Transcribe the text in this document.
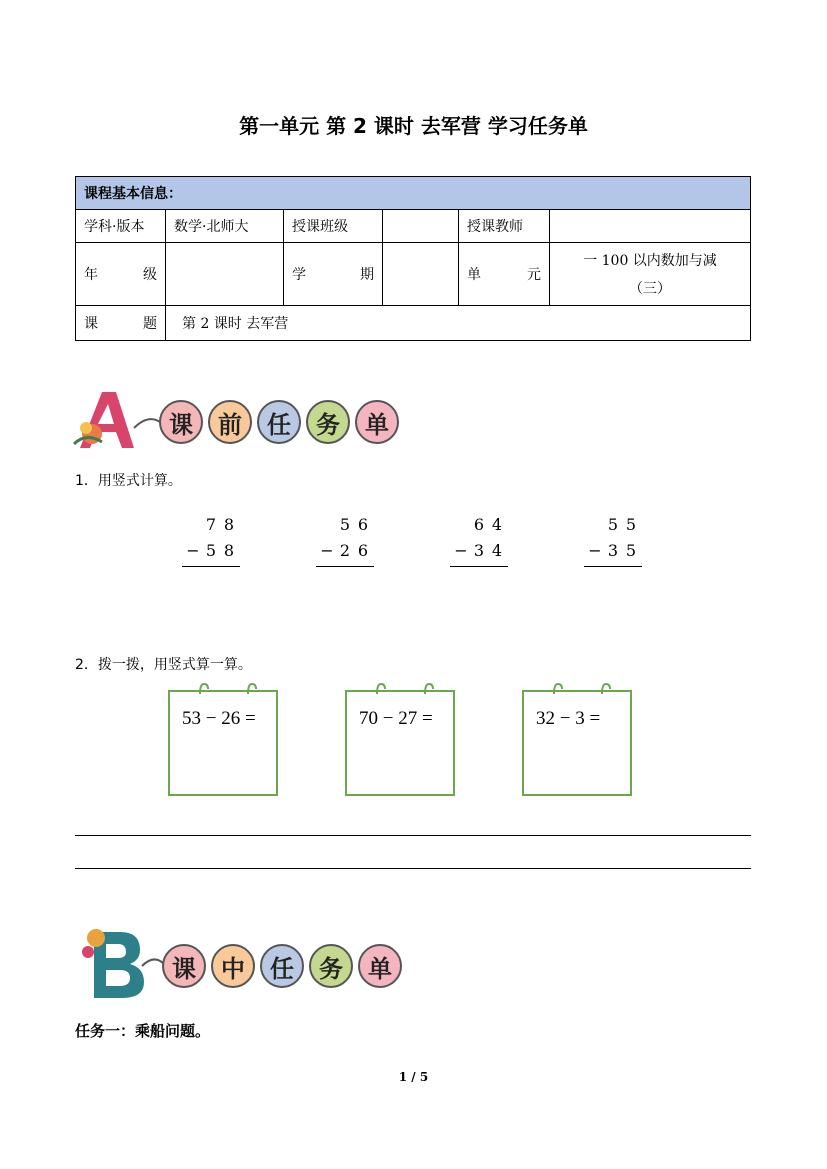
第一单元 第 2 课时 去军营 学习任务单
课程基本信息：					
学科·版本	数学·北师大	授课班级		授课教师	

年级		学期		单元	一 100 以内数加与减
（三）

课题	第 2 课时 去军营				
课	前	任	务	单
1．用竖式计算。
7 8
− 5 8
5 6
− 2 6
6 4
− 3 4
5 5
− 3 5
2．拨一拨，用竖式算一算。
53 − 26 =	70 − 27 =	32 − 3 =
课	中	任	务	单
任务一：乘船问题。
1 / 5
